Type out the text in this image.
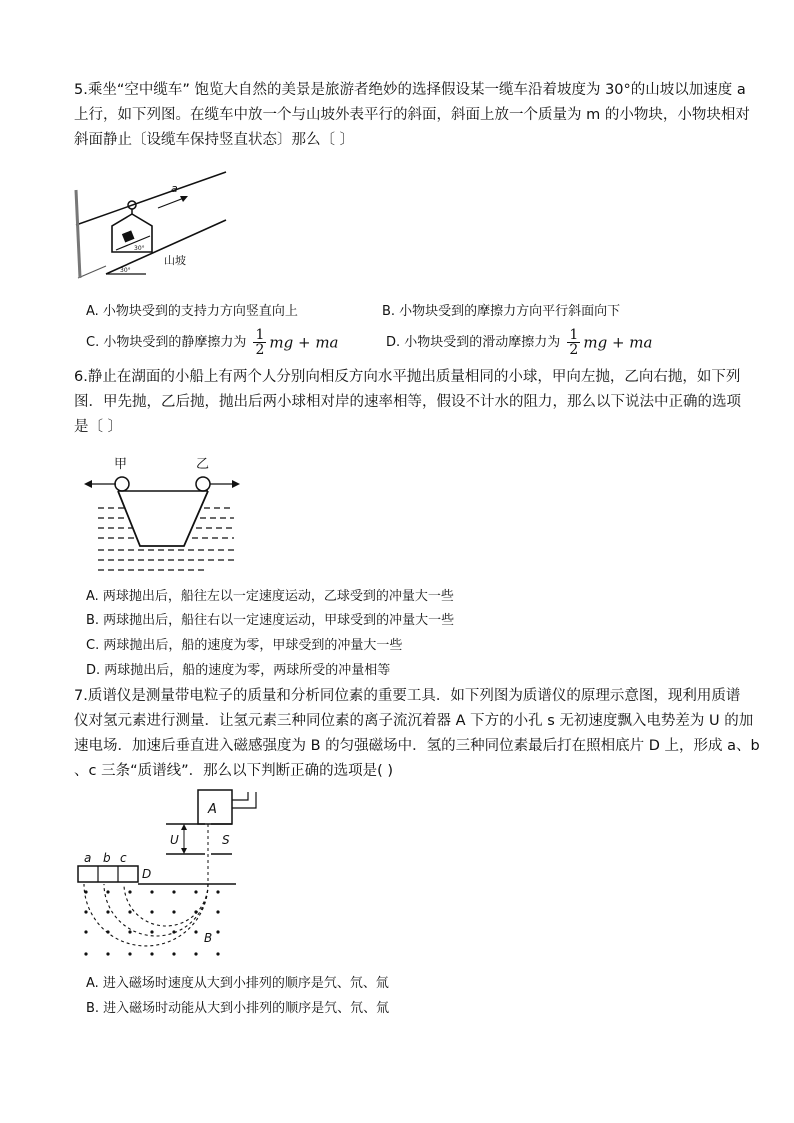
5.乘坐“空中缆车” 饱览大自然的美景是旅游者绝妙的选择假设某一缆车沿着坡度为 30°的山坡以加速度 a
上行，如下列图。在缆车中放一个与山坡外表平行的斜面，斜面上放一个质量为 m 的小物块，小物块相对
斜面静止〔设缆车保持竖直状态〕那么〔 〕
30°
a
30°
山坡
A. 小物块受到的支持力方向竖直向上	B. 小物块受到的摩擦力方向平行斜面向下
C. 小物块受到的静摩擦力为 $\frac{1}{2}$ mg + ma	D. 小物块受到的滑动摩擦力为 $\frac{1}{2}$ mg + ma
6.静止在湖面的小船上有两个人分别向相反方向水平抛出质量相同的小球，甲向左抛，乙向右抛，如下列
图．甲先抛，乙后抛，抛出后两小球相对岸的速率相等，假设不计水的阻力，那么以下说法中正确的选项
是〔 〕
甲	乙
A. 两球抛出后，船往左以一定速度运动，乙球受到的冲量大一些
B. 两球抛出后，船往右以一定速度运动，甲球受到的冲量大一些
C. 两球抛出后，船的速度为零，甲球受到的冲量大一些
D. 两球抛出后，船的速度为零，两球所受的冲量相等
7.质谱仪是测量带电粒子的质量和分析同位素的重要工具．如下列图为质谱仪的原理示意图，现利用质谱
仪对氢元素进行测量．让氢元素三种同位素的离子流沉着器 A 下方的小孔 s 无初速度飘入电势差为 U 的加
速电场．加速后垂直进入磁感强度为 B 的匀强磁场中．氢的三种同位素最后打在照相底片 D 上，形成 a、b
、c 三条“质谱线”．那么以下判断正确的选项是( )
A
U	S
D
a b c
B
A. 进入磁场时速度从大到小排列的顺序是氕、氘、氚
B. 进入磁场时动能从大到小排列的顺序是氕、氘、氚
